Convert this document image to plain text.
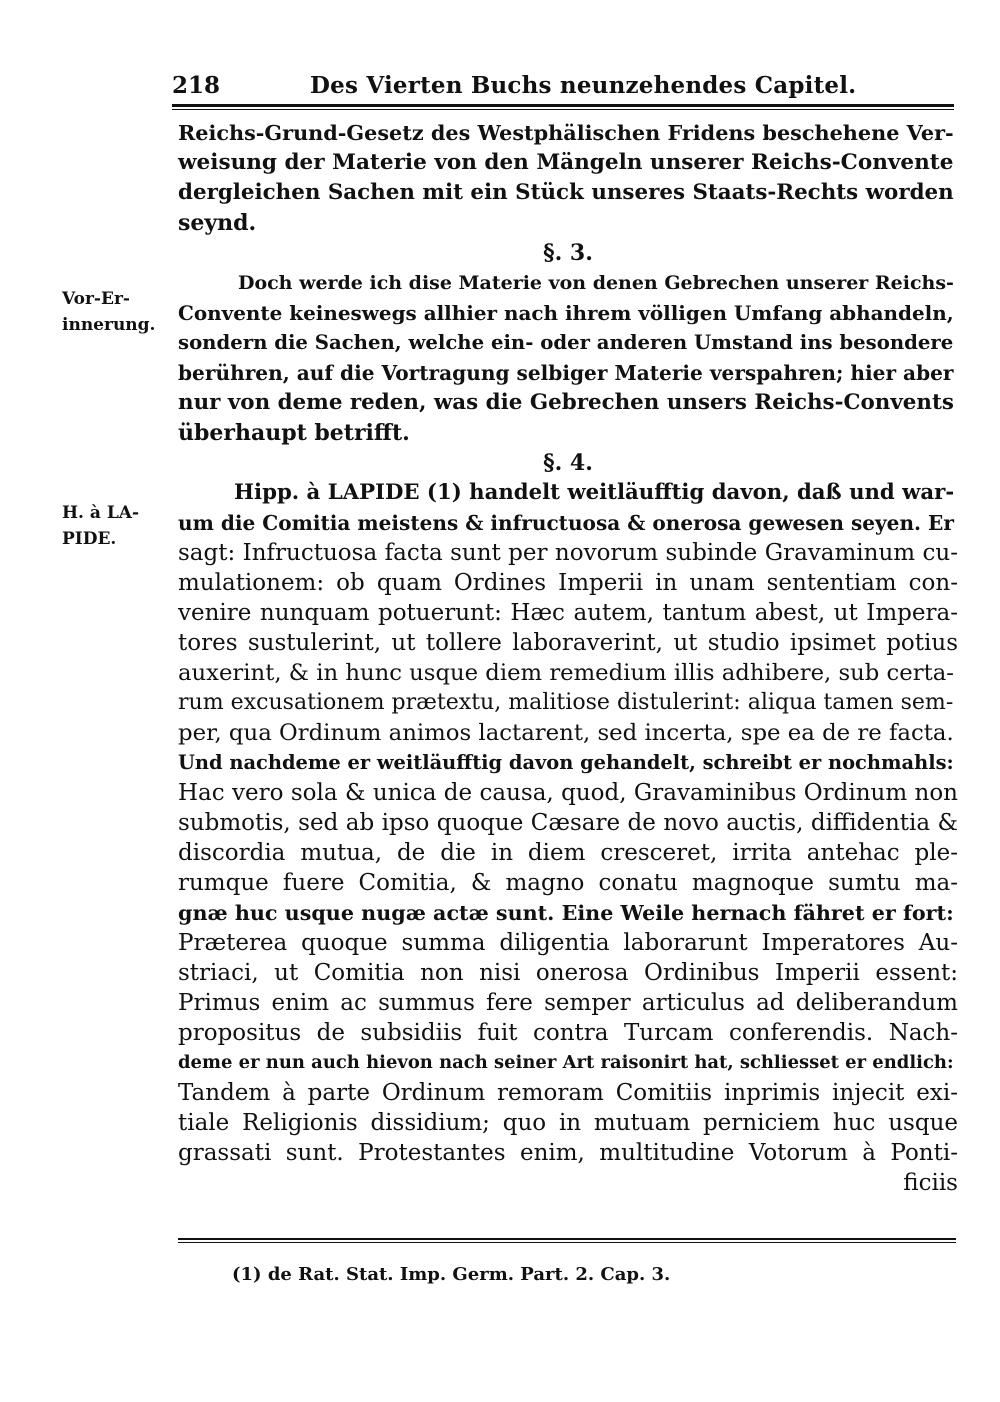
218	Des Vierten Buchs neunzehendes Capitel.
Vor-Er-
innerung.
H. à LA-
PIDE.
Reichs-Grund-Gesetz des Westphälischen Fridens beschehene Ver-
weisung der Materie von den Mängeln unserer Reichs-Convente
dergleichen Sachen mit ein Stück unseres Staats-Rechts worden
seynd.
§. 3.
Doch werde ich dise Materie von denen Gebrechen unserer Reichs-
Convente keineswegs allhier nach ihrem völligen Umfang abhandeln,
sondern die Sachen, welche ein- oder anderen Umstand ins besondere
berühren, auf die Vortragung selbiger Materie verspahren; hier aber
nur von deme reden, was die Gebrechen unsers Reichs-Convents
überhaupt betrifft.
§. 4.
Hipp. à LAPIDE (1) handelt weitläufftig davon, daß und war-
um die Comitia meistens & infructuosa & onerosa gewesen seyen. Er
sagt: Infructuosa facta sunt per novorum subinde Gravaminum cu-
mulationem: ob quam Ordines Imperii in unam sententiam con-
venire nunquam potuerunt: Hæc autem, tantum abest, ut Impera-
tores sustulerint, ut tollere laboraverint, ut studio ipsimet potius
auxerint, & in hunc usque diem remedium illis adhibere, sub certa-
rum excusationem prætextu, malitiose distulerint: aliqua tamen sem-
per, qua Ordinum animos lactarent, sed incerta, spe ea de re facta.
Und nachdeme er weitläufftig davon gehandelt, schreibt er nochmahls:
Hac vero sola & unica de causa, quod, Gravaminibus Ordinum non
submotis, sed ab ipso quoque Cæsare de novo auctis, diffidentia &
discordia mutua, de die in diem cresceret, irrita antehac ple-
rumque fuere Comitia, & magno conatu magnoque sumtu ma-
gnæ huc usque nugæ actæ sunt. Eine Weile hernach fähret er fort:
Præterea quoque summa diligentia laborarunt Imperatores Au-
striaci, ut Comitia non nisi onerosa Ordinibus Imperii essent:
Primus enim ac summus fere semper articulus ad deliberandum
propositus de subsidiis fuit contra Turcam conferendis. Nach-
deme er nun auch hievon nach seiner Art raisonirt hat, schliesset er endlich:
Tandem à parte Ordinum remoram Comitiis inprimis injecit exi-
tiale Religionis dissidium; quo in mutuam perniciem huc usque
grassati sunt. Protestantes enim, multitudine Votorum à Ponti-
ficiis
(1) de Rat. Stat. Imp. Germ. Part. 2. Cap. 3.
